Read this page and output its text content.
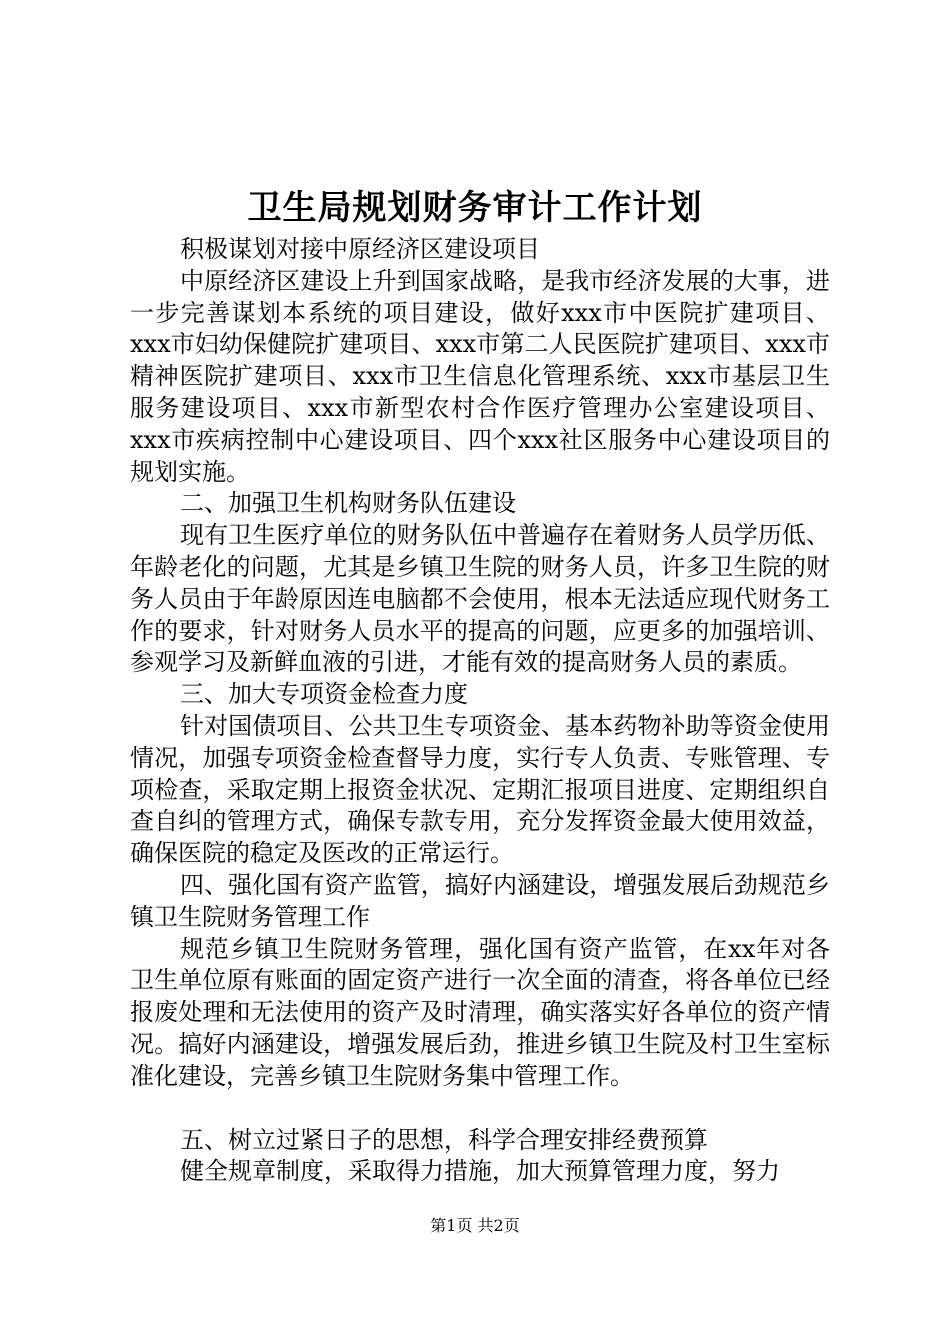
卫生局规划财务审计工作计划

积极谋划对接中原经济区建设项目

中原经济区建设上升到国家战略，是我市经济发展的大事，进一步完善谋划本系统的项目建设，做好xxx市中医院扩建项目、xxx市妇幼保健院扩建项目、xxx市第二人民医院扩建项目、xxx市精神医院扩建项目、xxx市卫生信息化管理系统、xxx市基层卫生服务建设项目、xxx市新型农村合作医疗管理办公室建设项目、xxx市疾病控制中心建设项目、四个xxx社区服务中心建设项目的规划实施。

二、加强卫生机构财务队伍建设

现有卫生医疗单位的财务队伍中普遍存在着财务人员学历低、年龄老化的问题，尤其是乡镇卫生院的财务人员，许多卫生院的财务人员由于年龄原因连电脑都不会使用，根本无法适应现代财务工作的要求，针对财务人员水平的提高的问题，应更多的加强培训、参观学习及新鲜血液的引进，才能有效的提高财务人员的素质。

三、加大专项资金检查力度

针对国债项目、公共卫生专项资金、基本药物补助等资金使用情况，加强专项资金检查督导力度，实行专人负责、专账管理、专项检查，采取定期上报资金状况、定期汇报项目进度、定期组织自查自纠的管理方式，确保专款专用，充分发挥资金最大使用效益，确保医院的稳定及医改的正常运行。

四、强化国有资产监管，搞好内涵建设，增强发展后劲规范乡镇卫生院财务管理工作

规范乡镇卫生院财务管理，强化国有资产监管，在xx年对各卫生单位原有账面的固定资产进行一次全面的清查，将各单位已经报废处理和无法使用的资产及时清理，确实落实好各单位的资产情况。搞好内涵建设，增强发展后劲，推进乡镇卫生院及村卫生室标准化建设，完善乡镇卫生院财务集中管理工作。

五、树立过紧日子的思想，科学合理安排经费预算

健全规章制度，采取得力措施，加大预算管理力度，努力

第1页 共2页
